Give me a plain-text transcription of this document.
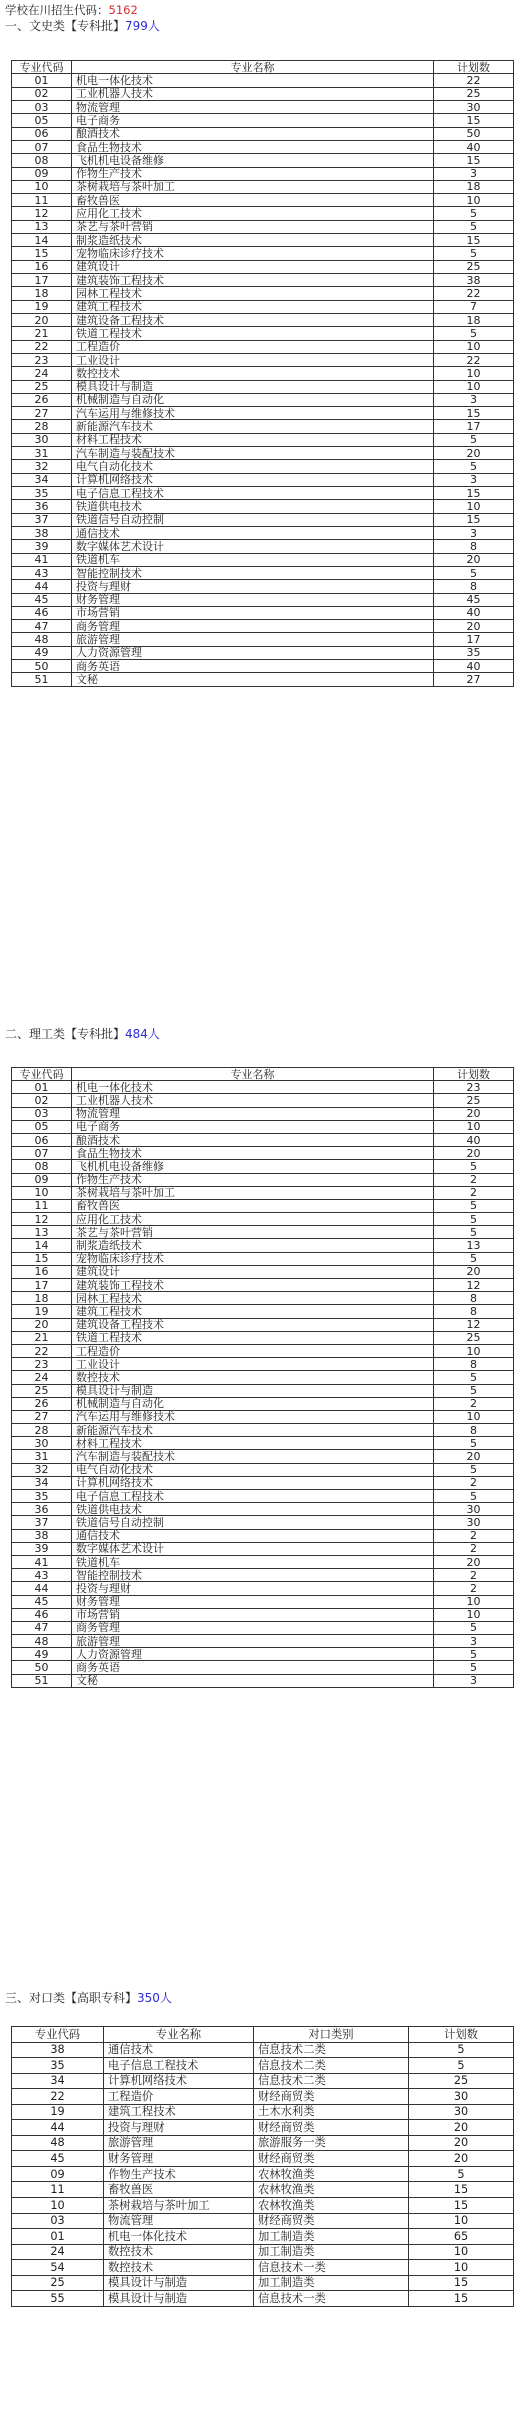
学校在川招生代码：5162
一、文史类【专科批】799人
专业代码	专业名称	计划数
01	机电一体化技术	22
02	工业机器人技术	25
03	物流管理	30
05	电子商务	15
06	酿酒技术	50
07	食品生物技术	40
08	飞机机电设备维修	15
09	作物生产技术	3
10	茶树栽培与茶叶加工	18
11	畜牧兽医	10
12	应用化工技术	5
13	茶艺与茶叶营销	5
14	制浆造纸技术	15
15	宠物临床诊疗技术	5
16	建筑设计	25
17	建筑装饰工程技术	38
18	园林工程技术	22
19	建筑工程技术	7
20	建筑设备工程技术	18
21	铁道工程技术	5
22	工程造价	10
23	工业设计	22
24	数控技术	10
25	模具设计与制造	10
26	机械制造与自动化	3
27	汽车运用与维修技术	15
28	新能源汽车技术	17
30	材料工程技术	5
31	汽车制造与装配技术	20
32	电气自动化技术	5
34	计算机网络技术	3
35	电子信息工程技术	15
36	铁道供电技术	10
37	铁道信号自动控制	15
38	通信技术	3
39	数字媒体艺术设计	8
41	铁道机车	20
43	智能控制技术	5
44	投资与理财	8
45	财务管理	45
46	市场营销	40
47	商务管理	20
48	旅游管理	17
49	人力资源管理	35
50	商务英语	40
51	文秘	27
二、理工类【专科批】484人
专业代码	专业名称	计划数
01	机电一体化技术	23
02	工业机器人技术	25
03	物流管理	20
05	电子商务	10
06	酿酒技术	40
07	食品生物技术	20
08	飞机机电设备维修	5
09	作物生产技术	2
10	茶树栽培与茶叶加工	2
11	畜牧兽医	5
12	应用化工技术	5
13	茶艺与茶叶营销	5
14	制浆造纸技术	13
15	宠物临床诊疗技术	5
16	建筑设计	20
17	建筑装饰工程技术	12
18	园林工程技术	8
19	建筑工程技术	8
20	建筑设备工程技术	12
21	铁道工程技术	25
22	工程造价	10
23	工业设计	8
24	数控技术	5
25	模具设计与制造	5
26	机械制造与自动化	2
27	汽车运用与维修技术	10
28	新能源汽车技术	8
30	材料工程技术	5
31	汽车制造与装配技术	20
32	电气自动化技术	5
34	计算机网络技术	2
35	电子信息工程技术	5
36	铁道供电技术	30
37	铁道信号自动控制	30
38	通信技术	2
39	数字媒体艺术设计	2
41	铁道机车	20
43	智能控制技术	2
44	投资与理财	2
45	财务管理	10
46	市场营销	10
47	商务管理	5
48	旅游管理	3
49	人力资源管理	5
50	商务英语	5
51	文秘	3
三、对口类【高职专科】350人
专业代码	专业名称	对口类别	计划数
38	通信技术	信息技术二类	5
35	电子信息工程技术	信息技术二类	5
34	计算机网络技术	信息技术二类	25
22	工程造价	财经商贸类	30
19	建筑工程技术	土木水利类	30
44	投资与理财	财经商贸类	20
48	旅游管理	旅游服务一类	20
45	财务管理	财经商贸类	20
09	作物生产技术	农林牧渔类	5
11	畜牧兽医	农林牧渔类	15
10	茶树栽培与茶叶加工	农林牧渔类	15
03	物流管理	财经商贸类	10
01	机电一体化技术	加工制造类	65
24	数控技术	加工制造类	10
54	数控技术	信息技术一类	10
25	模具设计与制造	加工制造类	15
55	模具设计与制造	信息技术一类	15
